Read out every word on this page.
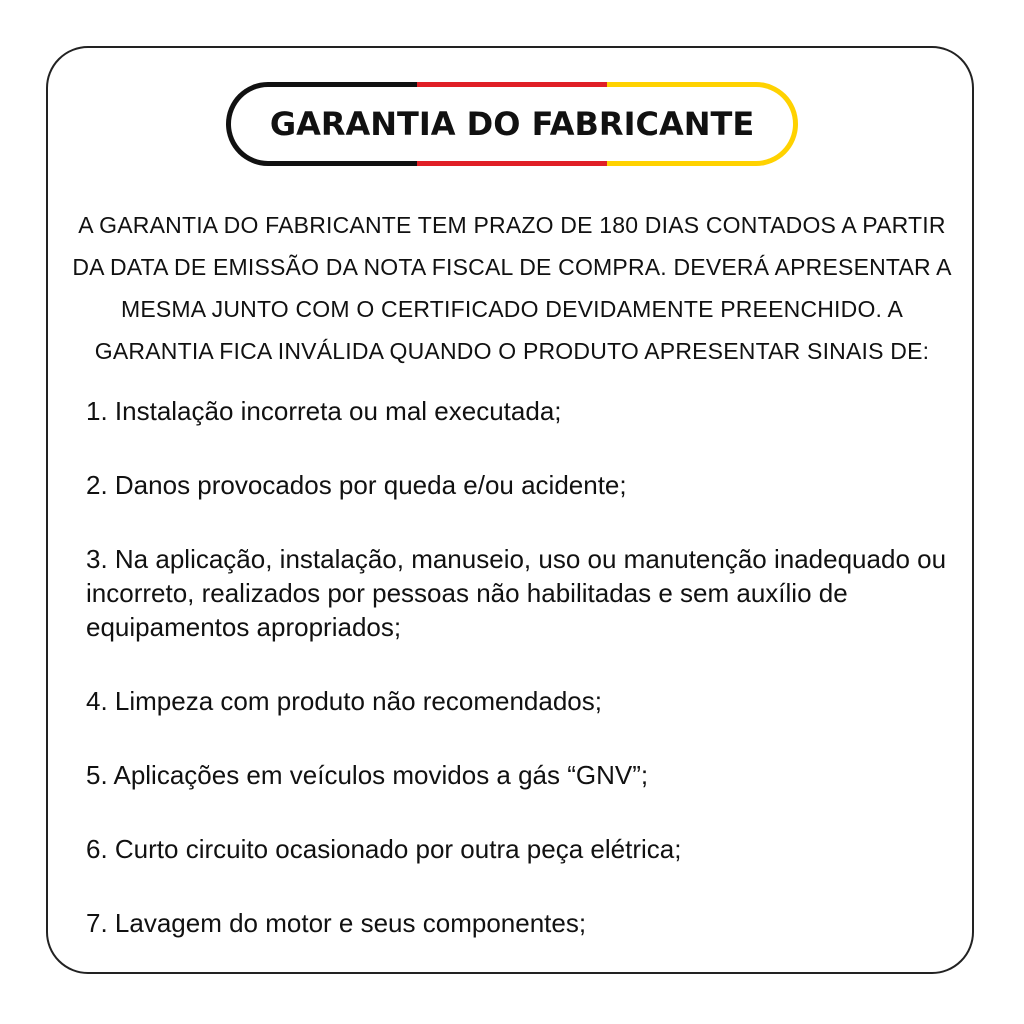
GARANTIA DO FABRICANTE

A GARANTIA DO FABRICANTE TEM PRAZO DE 180 DIAS CONTADOS A PARTIR DA DATA DE EMISSÃO DA NOTA FISCAL DE COMPRA. DEVERÁ APRESENTAR A MESMA JUNTO COM O CERTIFICADO DEVIDAMENTE PREENCHIDO. A GARANTIA FICA INVÁLIDA QUANDO O PRODUTO APRESENTAR SINAIS DE:

1. Instalação incorreta ou mal executada;
2. Danos provocados por queda e/ou acidente;
3. Na aplicação, instalação, manuseio, uso ou manutenção inadequado ou incorreto, realizados por pessoas não habilitadas e sem auxílio de equipamentos apropriados;
4. Limpeza com produto não recomendados;
5. Aplicações em veículos movidos a gás “GNV”;
6. Curto circuito ocasionado por outra peça elétrica;
7. Lavagem do motor e seus componentes;
